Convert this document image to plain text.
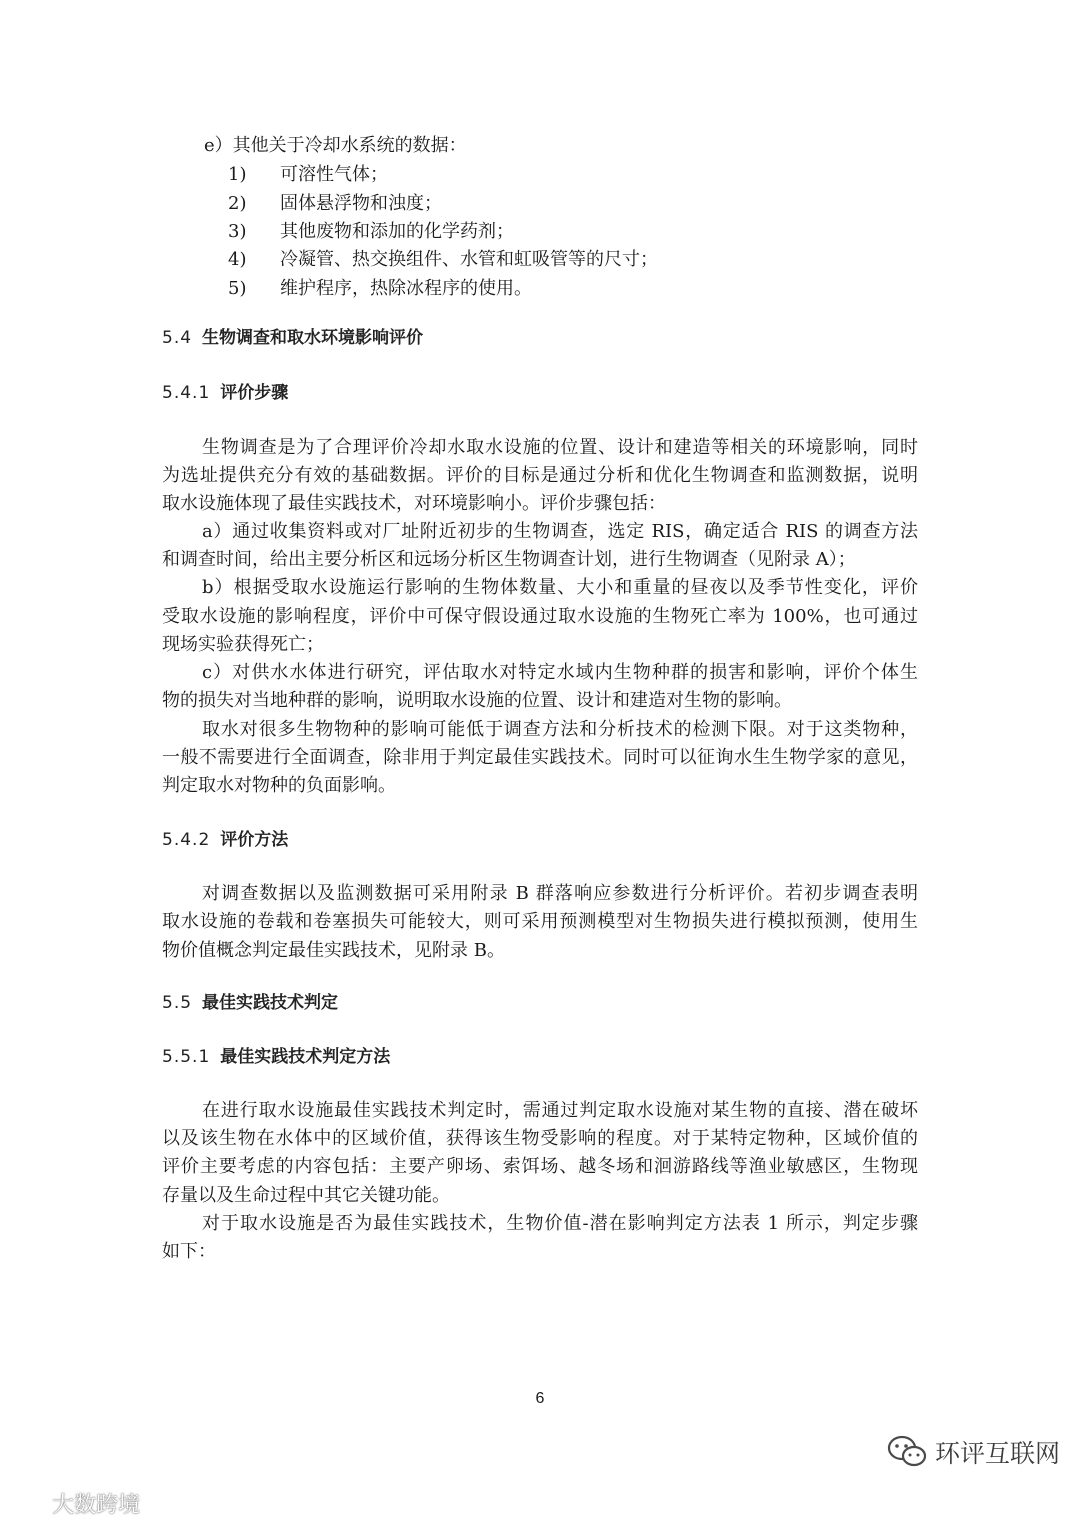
e）其他关于冷却水系统的数据：
1) 可溶性气体；
2) 固体悬浮物和浊度；
3) 其他废物和添加的化学药剂；
4) 冷凝管、热交换组件、水管和虹吸管等的尺寸；
5) 维护程序，热除冰程序的使用。
5.4 生物调查和取水环境影响评价
5.4.1 评价步骤
生物调查是为了合理评价冷却水取水设施的位置、设计和建造等相关的环境影响，同时
为选址提供充分有效的基础数据。评价的目标是通过分析和优化生物调查和监测数据，说明
取水设施体现了最佳实践技术，对环境影响小。评价步骤包括：
a）通过收集资料或对厂址附近初步的生物调查，选定 RIS，确定适合 RIS 的调查方法
和调查时间，给出主要分析区和远场分析区生物调查计划，进行生物调查（见附录 A）；
b）根据受取水设施运行影响的生物体数量、大小和重量的昼夜以及季节性变化，评价
受取水设施的影响程度，评价中可保守假设通过取水设施的生物死亡率为 100%，也可通过
现场实验获得死亡；
c）对供水水体进行研究，评估取水对特定水域内生物种群的损害和影响，评价个体生
物的损失对当地种群的影响，说明取水设施的位置、设计和建造对生物的影响。
取水对很多生物物种的影响可能低于调查方法和分析技术的检测下限。对于这类物种，
一般不需要进行全面调查，除非用于判定最佳实践技术。同时可以征询水生生物学家的意见，
判定取水对物种的负面影响。
5.4.2 评价方法
对调查数据以及监测数据可采用附录 B 群落响应参数进行分析评价。若初步调查表明
取水设施的卷载和卷塞损失可能较大，则可采用预测模型对生物损失进行模拟预测，使用生
物价值概念判定最佳实践技术，见附录 B。
5.5 最佳实践技术判定
5.5.1 最佳实践技术判定方法
在进行取水设施最佳实践技术判定时，需通过判定取水设施对某生物的直接、潜在破坏
以及该生物在水体中的区域价值，获得该生物受影响的程度。对于某特定物种，区域价值的
评价主要考虑的内容包括：主要产卵场、索饵场、越冬场和洄游路线等渔业敏感区，生物现
存量以及生命过程中其它关键功能。
对于取水设施是否为最佳实践技术，生物价值-潜在影响判定方法表 1 所示，判定步骤
如下：
6
环评互联网
大数跨境
